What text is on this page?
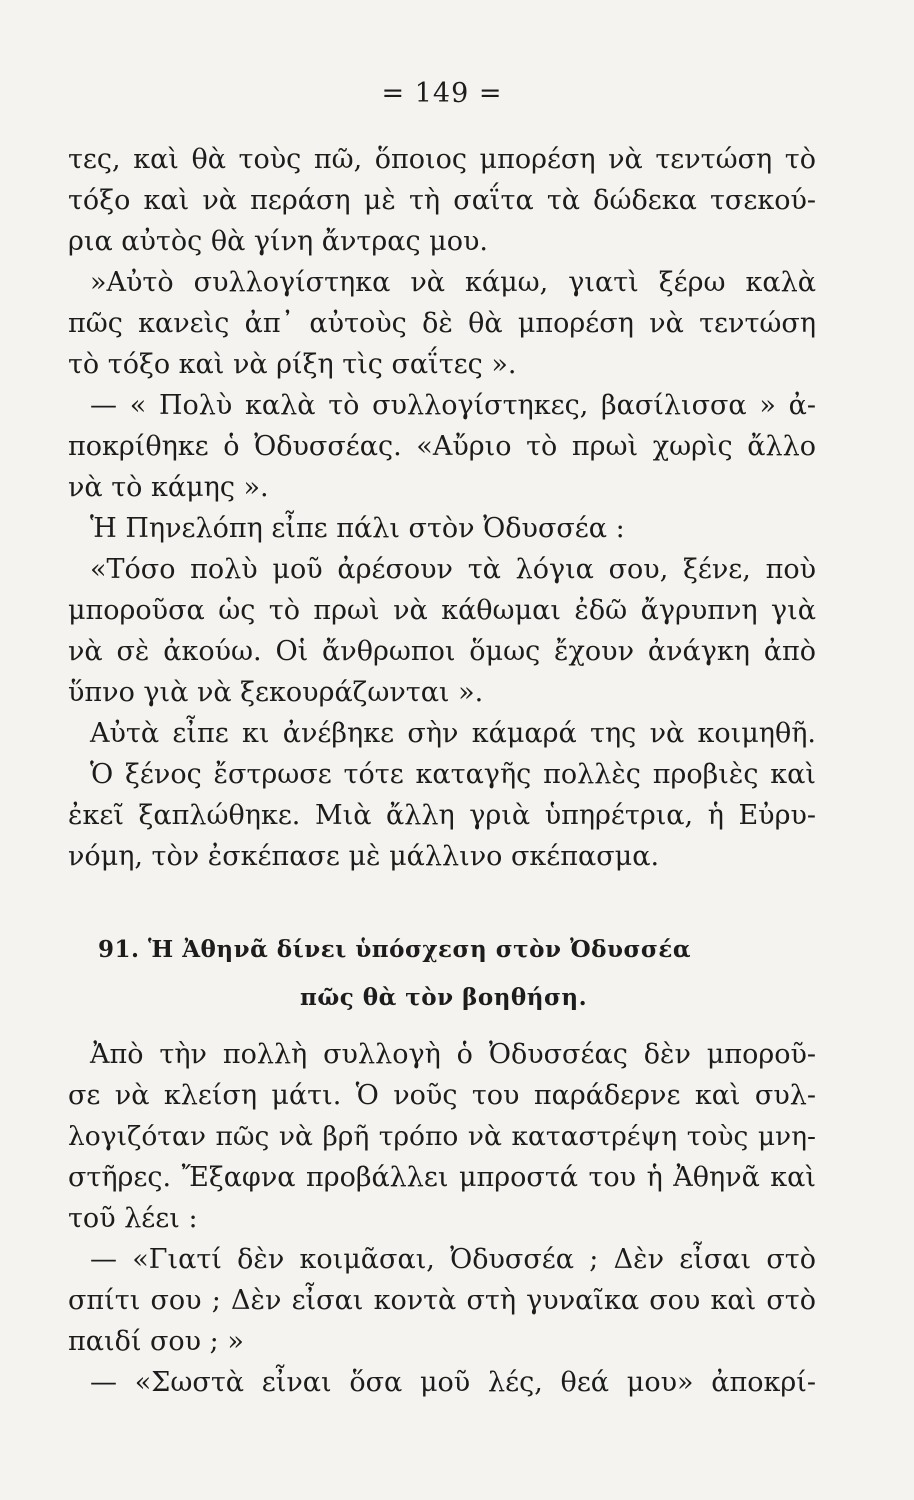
= 149 =
τες, καὶ θὰ τοὺς πῶ, ὅποιος μπορέση νὰ τεντώση τὸ
τόξο καὶ νὰ περάση μὲ τὴ σαΐτα τὰ δώδεκα τσεκού-
ρια αὐτὸς θὰ γίνη ἄντρας μου.
»Αὐτὸ συλλογίστηκα νὰ κάμω, γιατὶ ξέρω καλὰ
πῶς κανεὶς ἀπ᾽ αὐτοὺς δὲ θὰ μπορέση νὰ τεντώση
τὸ τόξο καὶ νὰ ρίξη τὶς σαΐτες ».
— « Πολὺ καλὰ τὸ συλλογίστηκες, βασίλισσα » ἀ-
ποκρίθηκε ὁ Ὀδυσσέας. «Αὔριο τὸ πρωὶ χωρὶς ἄλλο
νὰ τὸ κάμης ».
Ἡ Πηνελόπη εἶπε πάλι στὸν Ὀδυσσέα :
«Τόσο πολὺ μοῦ ἀρέσουν τὰ λόγια σου, ξένε, ποὺ
μποροῦσα ὡς τὸ πρωὶ νὰ κάθωμαι ἐδῶ ἄγρυπνη γιὰ
νὰ σὲ ἀκούω. Οἱ ἄνθρωποι ὅμως ἔχουν ἀνάγκη ἀπὸ
ὕπνο γιὰ νὰ ξεκουράζωνται ».
Αὐτὰ εἶπε κι ἀνέβηκε σὴν κάμαρά της νὰ κοιμηθῆ.
Ὁ ξένος ἔστρωσε τότε καταγῆς πολλὲς προβιὲς καὶ
ἐκεῖ ξαπλώθηκε. Μιὰ ἄλλη γριὰ ὑπηρέτρια, ἡ Εὐρυ-
νόμη, τὸν ἐσκέπασε μὲ μάλλινο σκέπασμα.
91. Ἡ Ἀθηνᾶ δίνει ὑπόσχεση στὸν Ὀδυσσέα
πῶς θὰ τὸν βοηθήση.
Ἀπὸ τὴν πολλὴ συλλογὴ ὁ Ὀδυσσέας δὲν μποροῦ-
σε νὰ κλείση μάτι. Ὁ νοῦς του παράδερνε καὶ συλ-
λογιζόταν πῶς νὰ βρῆ τρόπο νὰ καταστρέψη τοὺς μνη-
στῆρες. Ἔξαφνα προβάλλει μπροστά του ἡ Ἀθηνᾶ καὶ
τοῦ λέει :
— «Γιατί δὲν κοιμᾶσαι, Ὀδυσσέα ; Δὲν εἶσαι στὸ
σπίτι σου ; Δὲν εἶσαι κοντὰ στὴ γυναῖκα σου καὶ στὸ
παιδί σου ; »
— «Σωστὰ εἶναι ὅσα μοῦ λές, θεά μου» ἀποκρί-
